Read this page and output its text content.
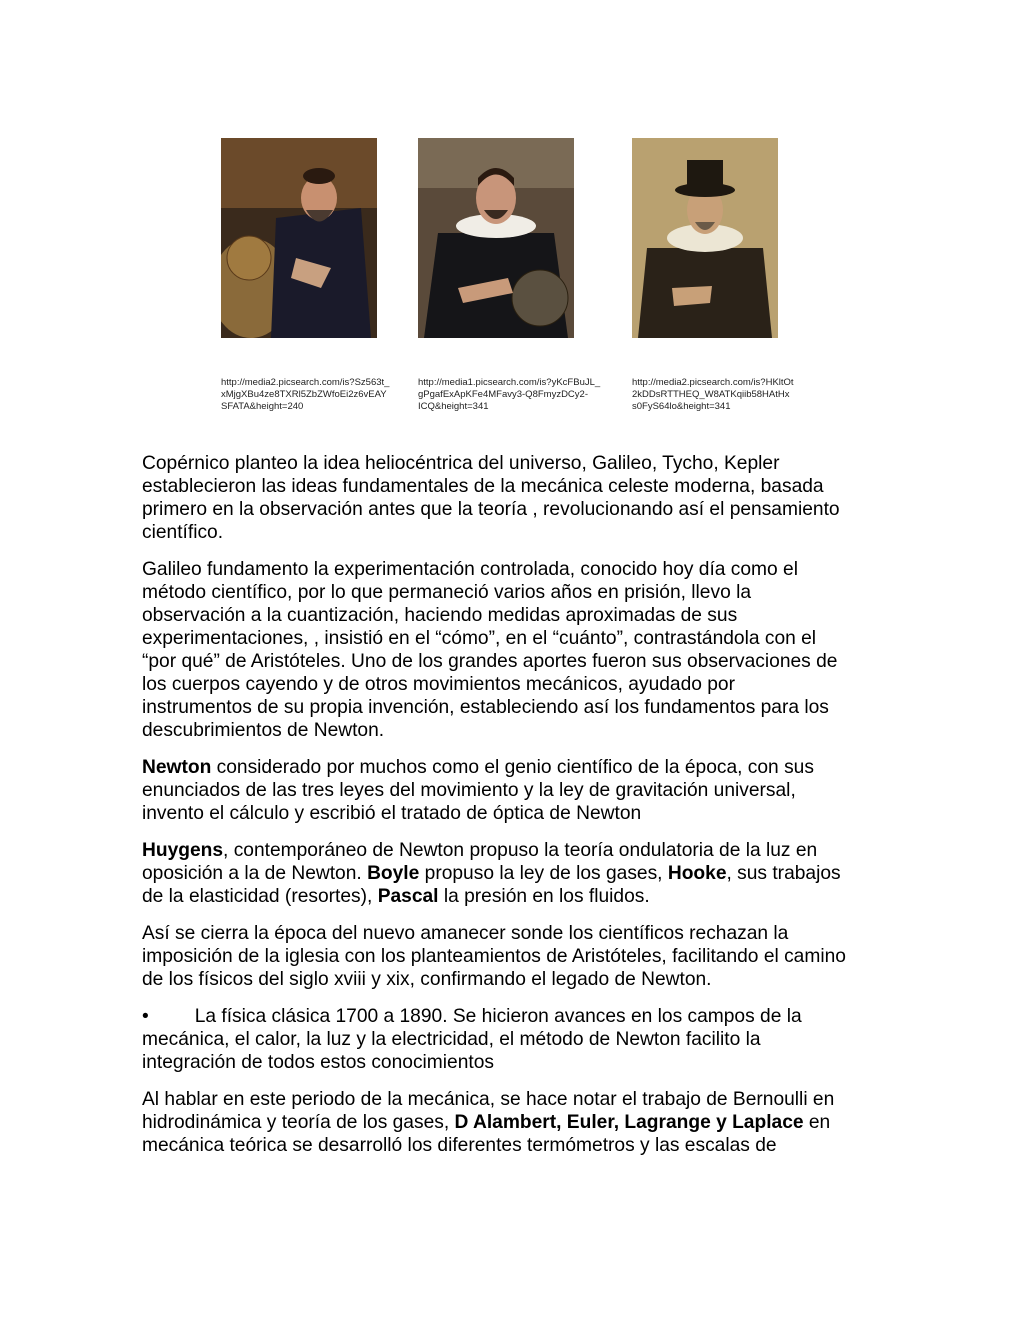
http://media2.picsearch.com/is?Sz563t_
xMjgXBu4ze8TXRl5ZbZWfoEi2z6vEAY
SFATA&height=240
http://media1.picsearch.com/is?yKcFBuJL_
gPgafExApKFe4MFavy3-Q8FmyzDCy2-
ICQ&height=341
http://media2.picsearch.com/is?HKltOt
2kDDsRTTHEQ_W8ATKqiib58HAtHx
s0FyS64lo&height=341

Copérnico planteo la idea heliocéntrica del universo, Galileo, Tycho, Kepler
establecieron las ideas fundamentales de la mecánica celeste moderna, basada
primero en la observación antes que la teoría , revolucionando así el pensamiento
científico.

Galileo fundamento la experimentación controlada, conocido hoy día como el
método científico, por lo que permaneció varios años en prisión, llevo la
observación a la cuantización, haciendo medidas aproximadas de sus
experimentaciones, , insistió en el “cómo”, en el “cuánto”, contrastándola con el
“por qué” de Aristóteles. Uno de los grandes aportes fueron sus observaciones de
los cuerpos cayendo y de otros movimientos mecánicos, ayudado por
instrumentos de su propia invención, estableciendo así los fundamentos para los
descubrimientos de Newton.

Newton considerado por muchos como el genio científico de la época, con sus
enunciados de las tres leyes del movimiento y la ley de gravitación universal,
invento el cálculo y escribió el tratado de óptica de Newton

Huygens, contemporáneo de Newton propuso la teoría ondulatoria de la luz en
oposición a la de Newton. Boyle propuso la ley de los gases, Hooke, sus trabajos
de la elasticidad (resortes), Pascal la presión en los fluidos.

Así se cierra la época del nuevo amanecer sonde los científicos rechazan la
imposición de la iglesia con los planteamientos de Aristóteles, facilitando el camino
de los físicos del siglo xviii y xix, confirmando el legado de Newton.

• La física clásica 1700 a 1890. Se hicieron avances en los campos de la
mecánica, el calor, la luz y la electricidad, el método de Newton facilito la
integración de todos estos conocimientos

Al hablar en este periodo de la mecánica, se hace notar el trabajo de Bernoulli en
hidrodinámica y teoría de los gases, D Alambert, Euler, Lagrange y Laplace en
mecánica teórica se desarrolló los diferentes termómetros y las escalas de
